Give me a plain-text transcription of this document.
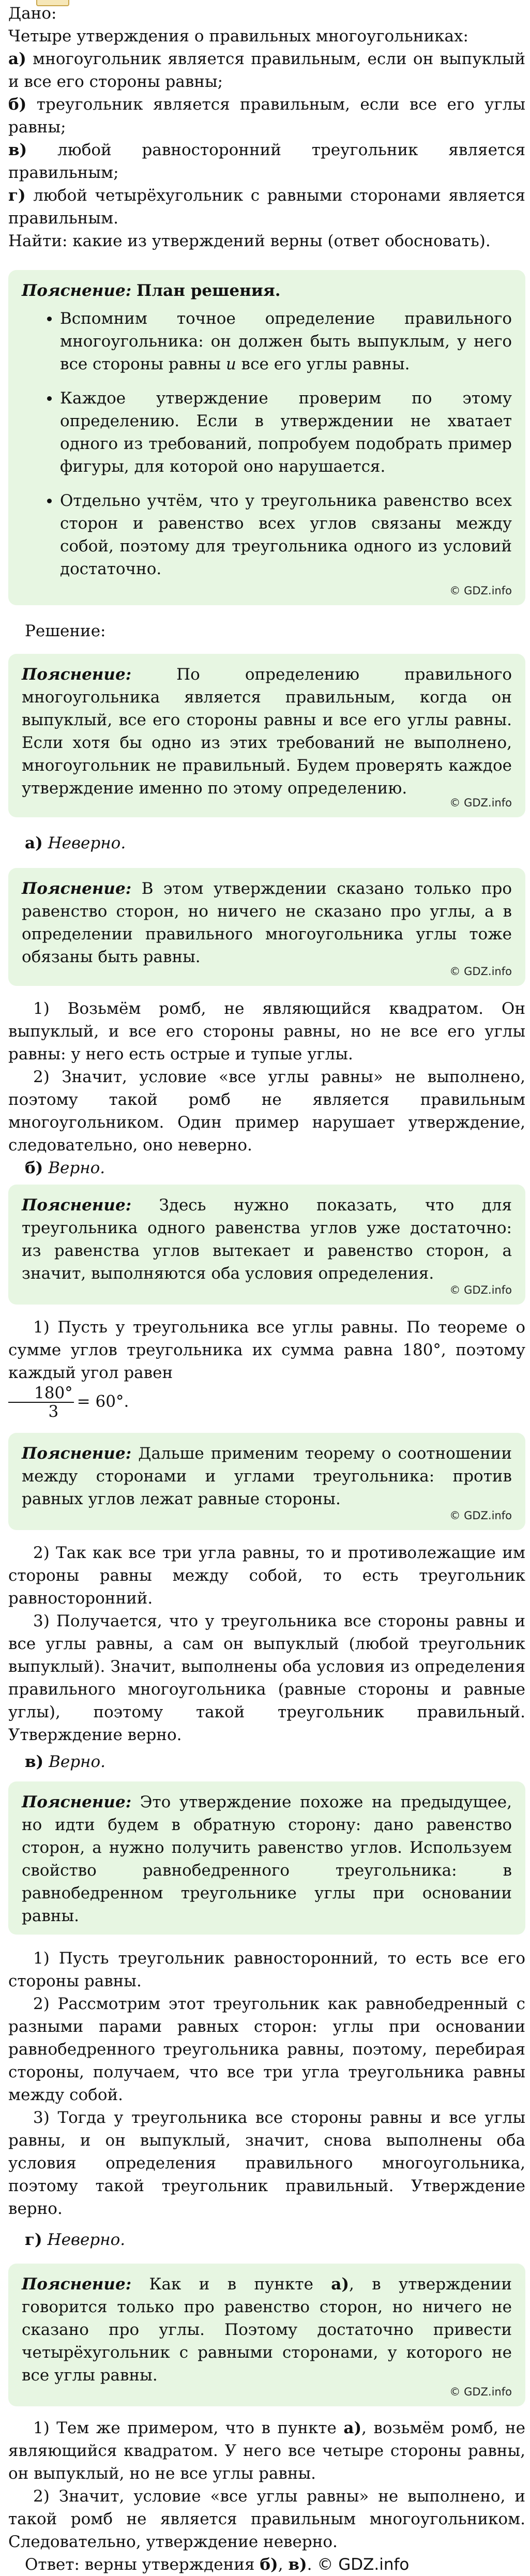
Дано:

Четыре утверждения о правильных многоугольниках:

а) многоугольник является правильным, если он выпуклый и все его стороны равны;

б) треугольник является правильным, если все его углы равны;

в) любой равносторонний треугольник является правильным;

г) любой четырёхугольник с равными сторонами является правильным.

Найти: какие из утверждений верны (ответ обосновать).

Пояснение: План решения.

• Вспомним точное определение правильного многоугольника: он должен быть выпуклым, у него все стороны равны и все его углы равны.
• Каждое утверждение проверим по этому определению. Если в утверждении не хватает одного из требований, попробуем подобрать пример фигуры, для которой оно нарушается.
• Отдельно учтём, что у треугольника равенство всех сторон и равенство всех углов связаны между собой, поэтому для треугольника одного из условий достаточно.
© GDZ.info

Решение:

Пояснение:	По определению правильного многоугольника является правильным, когда он выпуклый, все его стороны равны и все его углы равны. Если хотя бы одно из этих требований не выполнено, многоугольник не правильный. Будем проверять каждое утверждение именно по этому определению.

© GDZ.info

а) Неверно.

Пояснение: В этом утверждении сказано только про равенство сторон, но ничего не сказано про углы, а в определении правильного многоугольника углы тоже обязаны быть равны.

© GDZ.info

1) Возьмём ромб, не являющийся квадратом. Он выпуклый, и все его стороны равны, но не все его углы равны: у него есть острые и тупые углы.

2) Значит, условие «все углы равны» не выполнено, поэтому такой ромб не является правильным многоугольником. Один пример нарушает утверждение, следовательно, оно неверно.

б) Верно.

Пояснение: Здесь нужно показать, что для треугольника одного равенства углов уже достаточно: из равенства углов вытекает и равенство сторон, а значит, выполняются оба условия определения.

© GDZ.info

1) Пусть у треугольника все углы равны. По теореме о сумме углов треугольника их сумма равна 180°, поэтому каждый угол равен

$\frac{180^\circ}{3} = 60^\circ$.

Пояснение: Дальше применим теорему о соотношении между сторонами и углами треугольника: против равных углов лежат равные стороны.

© GDZ.info

2) Так как все три угла равны, то и противолежащие им стороны равны между собой, то есть треугольник равносторонний.

3) Получается, что у треугольника все стороны равны и все углы равны, а сам он выпуклый (любой треугольник выпуклый). Значит, выполнены оба условия из определения правильного многоугольника (равные стороны и равные углы), поэтому такой треугольник правильный. Утверждение верно.

в) Верно.

Пояснение: Это утверждение похоже на предыдущее, но идти будем в обратную сторону: дано равенство сторон, а нужно получить равенство углов. Используем свойство равнобедренного треугольника: в равнобедренном треугольнике углы при основании равны.

1) Пусть треугольник равносторонний, то есть все его стороны равны.

2) Рассмотрим этот треугольник как равнобедренный с разными парами равных сторон: углы при основании равнобедренного треугольника равны, поэтому, перебирая стороны, получаем, что все три угла треугольника равны между собой.

3) Тогда у треугольника все стороны равны и все углы равны, и он выпуклый, значит, снова выполнены оба условия определения правильного многоугольника, поэтому такой треугольник правильный. Утверждение верно.

г) Неверно.

Пояснение: Как и в пункте а), в утверждении говорится только про равенство сторон, но ничего не сказано про углы. Поэтому достаточно привести четырёхугольник с равными сторонами, у которого не все углы равны.

© GDZ.info

1) Тем же примером, что в пункте а), возьмём ромб, не являющийся квадратом. У него все четыре стороны равны, он выпуклый, но не все углы равны.

2) Значит, условие «все углы равны» не выполнено, и такой ромб не является правильным многоугольником. Следовательно, утверждение неверно.

Ответ: верны утверждения б), в). © GDZ.info
